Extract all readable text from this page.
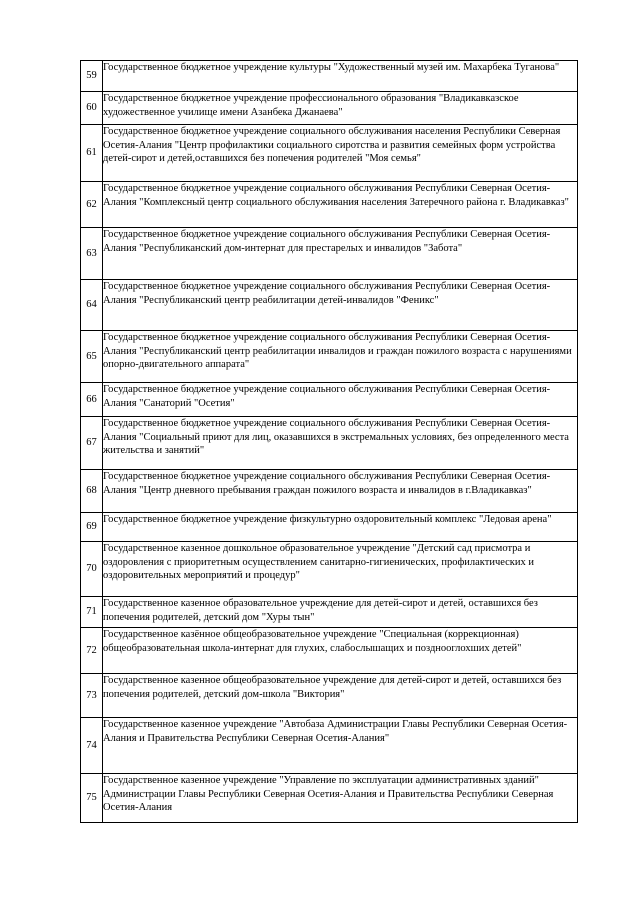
59	Государственное бюджетное учреждение культуры "Художественный музей им. Махарбека Туганова"

60	Государственное бюджетное учреждение профессионального образования "Владикавказское художественное училище имени Азанбека Джанаева"

61	Государственное бюджетное учреждение социального обслуживания населения Республики Северная Осетия-Алания "Центр профилактики социального сиротства и развития семейных форм устройства детей-сирот и детей,оставшихся без попечения родителей "Моя семья"

62	Государственное бюджетное учреждение социального обслуживания Республики Северная Осетия-Алания "Комплексный центр социального обслуживания населения Затеречного района г. Владикавказ"

63	Государственное бюджетное учреждение социального обслуживания Республики Северная Осетия-Алания "Республиканский дом-интернат для престарелых и инвалидов "Забота"

64	Государственное бюджетное учреждение социального обслуживания Республики Северная Осетия-Алания "Республиканский центр реабилитации детей-инвалидов "Феникс"

65	Государственное бюджетное учреждение социального обслуживания Республики Северная Осетия-Алания "Республиканский центр реабилитации инвалидов и граждан пожилого возраста с нарушениями опорно-двигательного аппарата"

66	Государственное бюджетное учреждение социального обслуживания Республики Северная Осетия-Алания "Санаторий "Осетия"

67	Государственное бюджетное учреждение социального обслуживания Республики Северная Осетия-Алания "Социальный приют для лиц, оказавшихся в экстремальных условиях, без определенного места жительства и занятий"

68	Государственное бюджетное учреждение социального обслуживания Республики Северная Осетия-Алания "Центр дневного пребывания граждан пожилого возраста и инвалидов в г.Владикавказ"

69	Государственное бюджетное учреждение физкультурно оздоровительный комплекс "Ледовая арена"

70	Государственное казенное дошкольное образовательное учреждение "Детский сад присмотра и оздоровления с приоритетным осуществлением санитарно-гигиенических, профилактических и оздоровительных мероприятий и процедур"

71	Государственное казенное образовательное учреждение для детей-сирот и детей, оставшихся без попечения родителей, детский дом "Хуры тын"

72	Государственное казённое общеобразовательное учреждение "Специальная (коррекционная) общеобразовательная школа-интернат для глухих, слабослышащих и позднооглохших детей"

73	Государственное казенное общеобразовательное учреждение для детей-сирот и детей, оставшихся без попечения родителей, детский дом-школа "Виктория"

74	Государственное казенное учреждение "Автобаза Администрации Главы Республики Северная Осетия-Алания и Правительства Республики Северная Осетия-Алания"

75	Государственное казенное учреждение "Управление по эксплуатации административных зданий" Администрации Главы Республики Северная Осетия-Алания и Правительства Республики Северная Осетия-Алания
